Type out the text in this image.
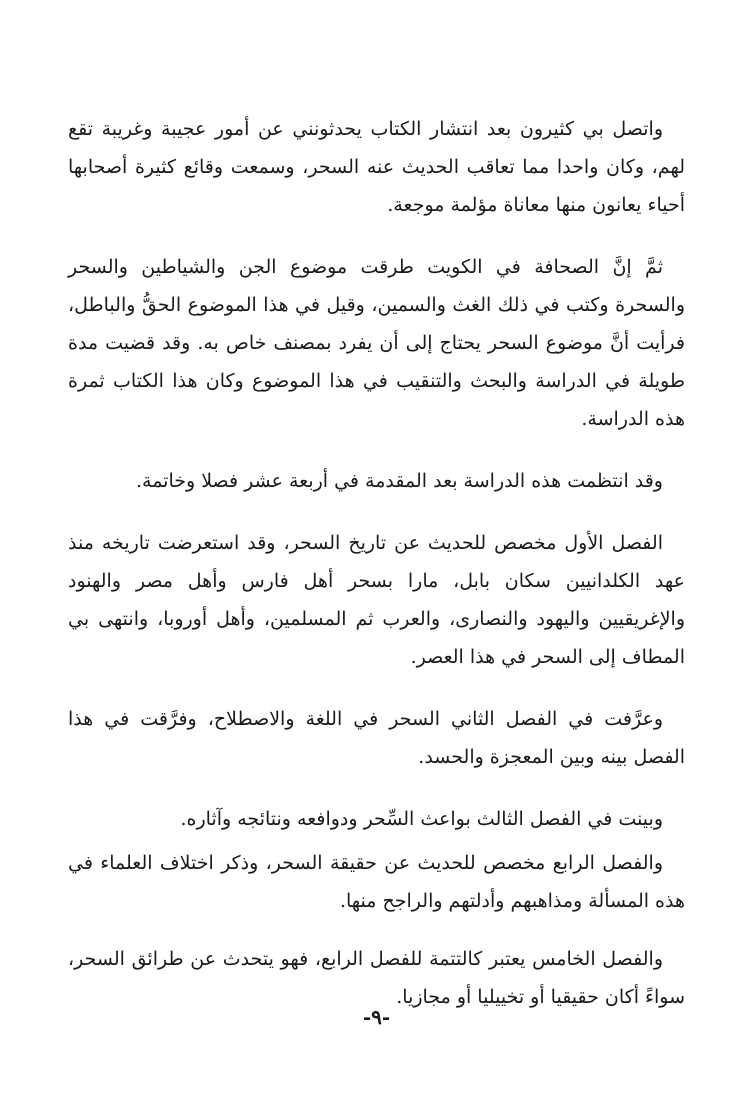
واتصل بي كثيرون بعد انتشار الكتاب يحدثونني عن أمور عجيبة وغريبة تقع لهم، وكان واحدا مما تعاقب الحديث عنه السحر، وسمعت وقائع كثيرة أصحابها أحياء يعانون منها معاناة مؤلمة موجعة.

ثمَّ إنَّ الصحافة في الكويت طرقت موضوع الجن والشياطين والسحر والسحرة وكتب في ذلك الغث والسمين، وقيل في هذا الموضوع الحقُّ والباطل، فرأيت أنَّ موضوع السحر يحتاج إلى أن يفرد بمصنف خاص به. وقد قضيت مدة طويلة في الدراسة والبحث والتنقيب في هذا الموضوع وكان هذا الكتاب ثمرة هذه الدراسة.

وقد انتظمت هذه الدراسة بعد المقدمة في أربعة عشر فصلا وخاتمة.

الفصل الأول مخصص للحديث عن تاريخ السحر، وقد استعرضت تاريخه منذ عهد الكلدانيين سكان بابل، مارا بسحر أهل فارس وأهل مصر والهنود والإغريقيين واليهود والنصارى، والعرب ثم المسلمين، وأهل أوروبا، وانتهى بي المطاف إلى السحر في هذا العصر.

وعرَّفت في الفصل الثاني السحر في اللغة والاصطلاح، وفرَّقت في هذا الفصل بينه وبين المعجزة والحسد.

وبينت في الفصل الثالث بواعث السِّحر ودوافعه ونتائجه وآثاره.

والفصل الرابع مخصص للحديث عن حقيقة السحر، وذكر اختلاف العلماء في هذه المسألة ومذاهبهم وأدلتهم والراجح منها.

والفصل الخامس يعتبر كالتتمة للفصل الرابع، فهو يتحدث عن طرائق السحر، سواءً أكان حقيقيا أو تخييليا أو مجازيا.

-٩-
